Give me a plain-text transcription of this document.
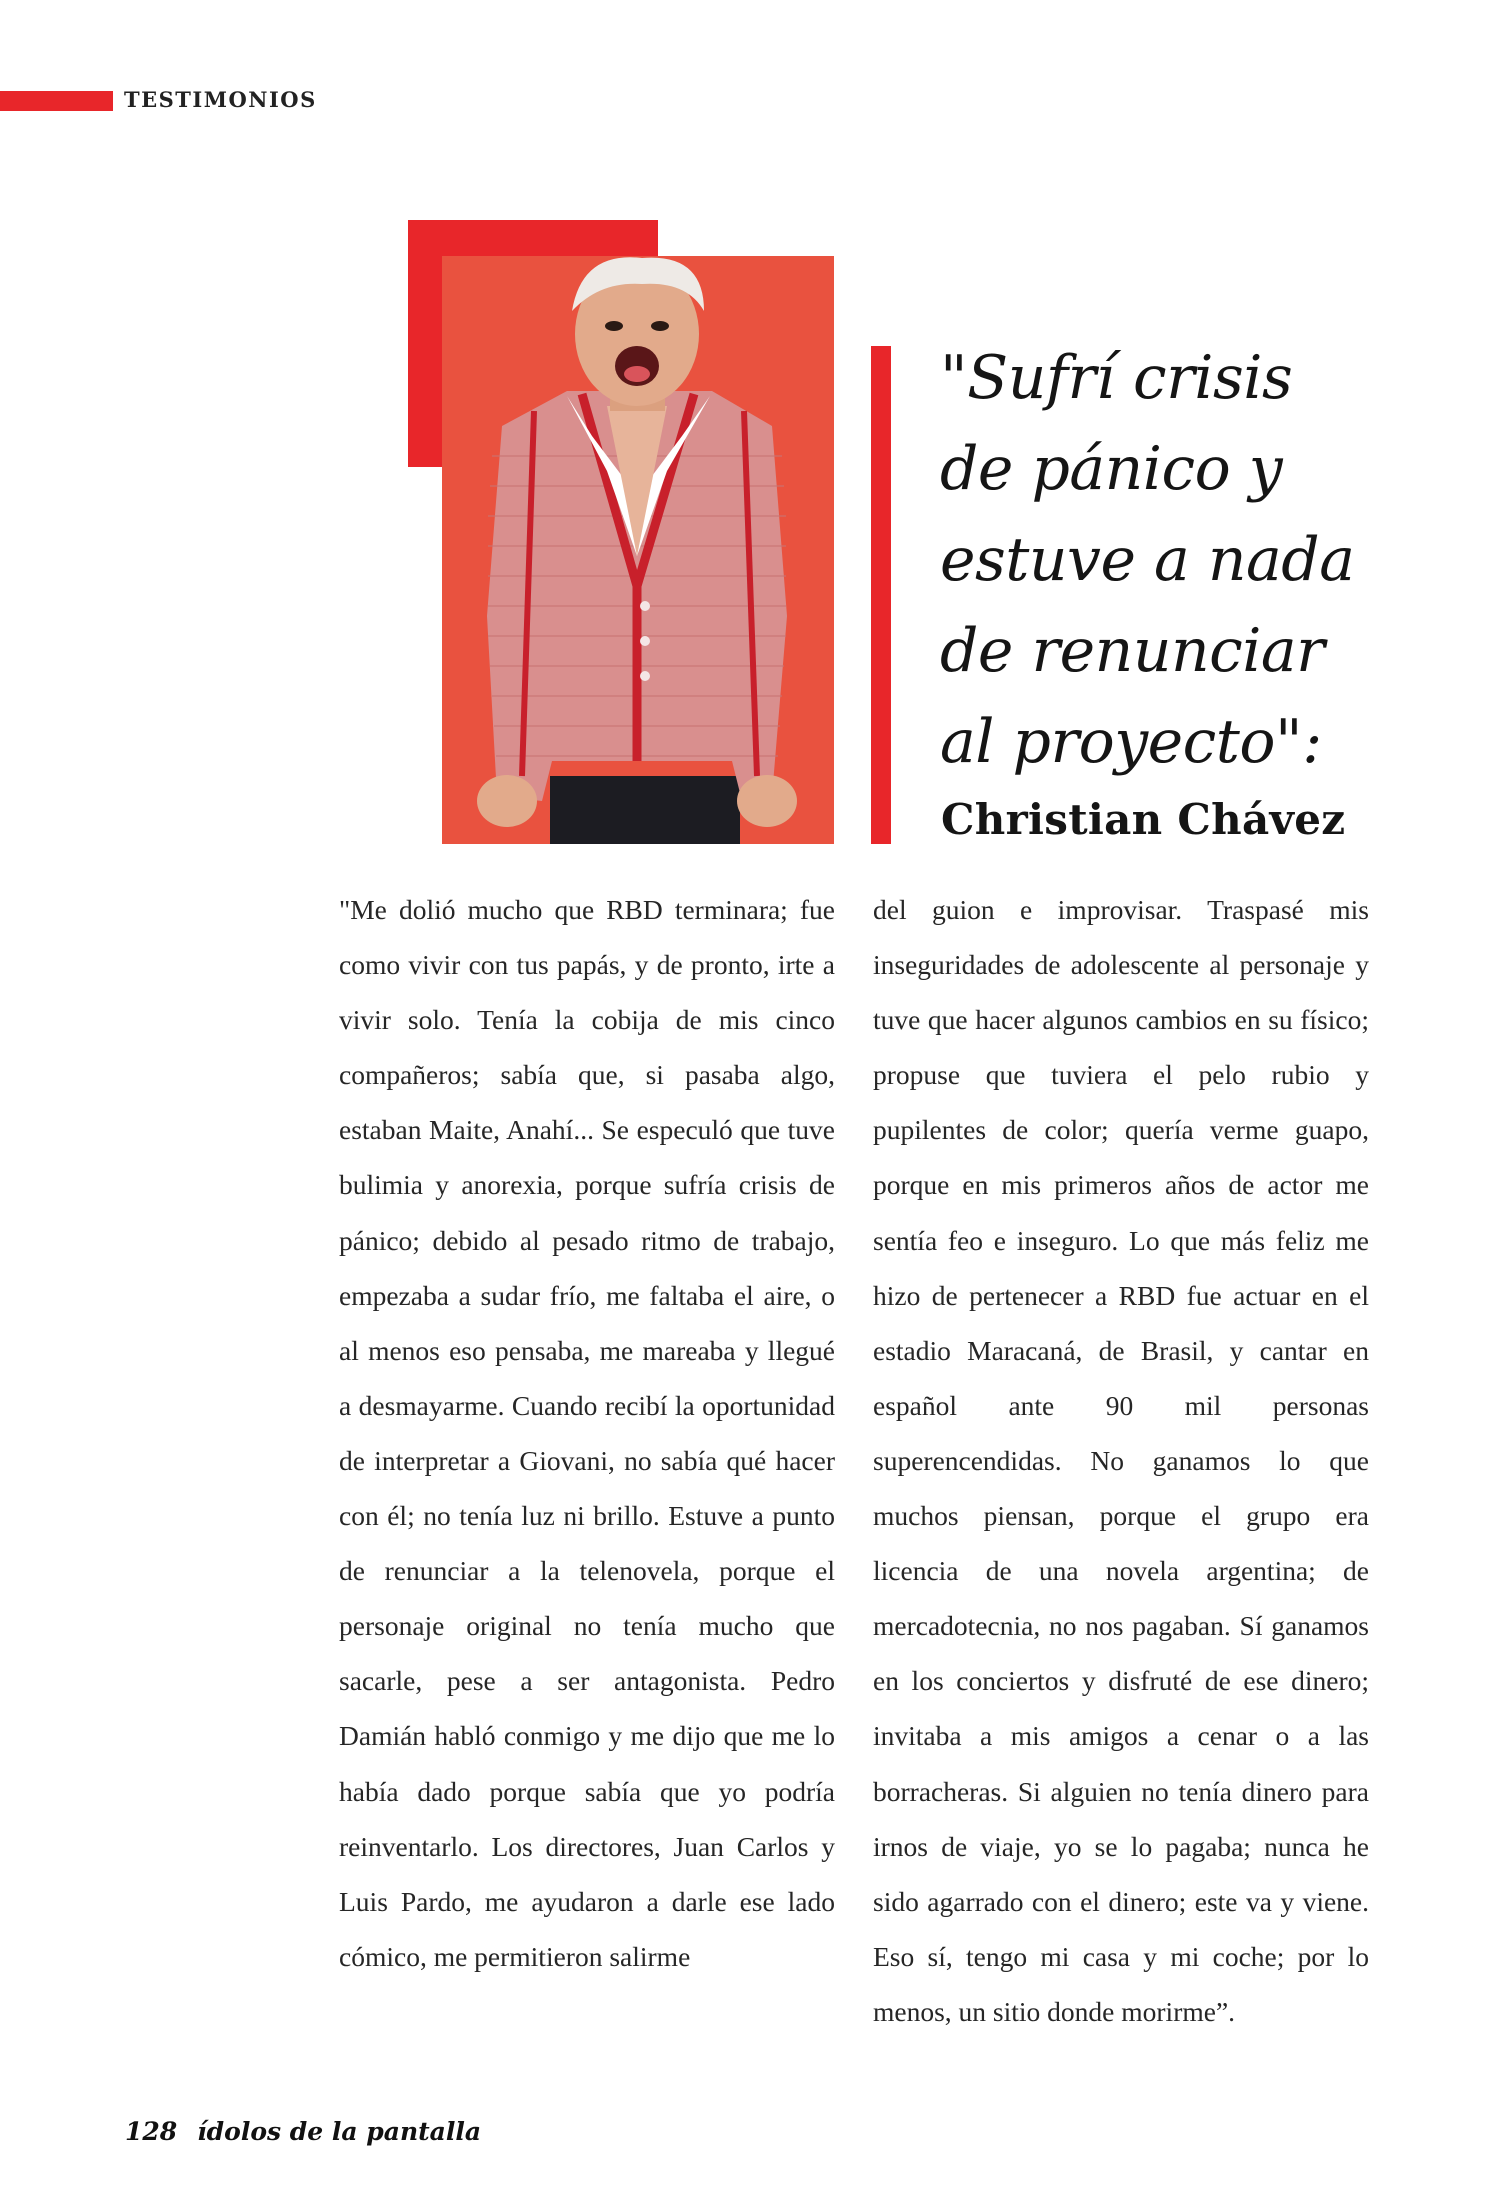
TESTIMONIOS
"Sufrí crisis de pánico y estuve a nada de renunciar al proyecto":
Christian Chávez

"Me dolió mucho que RBD terminara; fue como vivir con tus papás, y de pronto, irte a vivir solo. Tenía la cobija de mis cinco compañeros; sabía que, si pasaba algo, estaban Maite, Anahí... Se especuló que tuve bulimia y anorexia, porque sufría crisis de pánico; debido al pesado ritmo de trabajo, empezaba a sudar frío, me faltaba el aire, o al menos eso pensaba, me mareaba y llegué a desmayarme. Cuando recibí la oportunidad de interpretar a Giovani, no sabía qué hacer con él; no tenía luz ni brillo. Estuve a punto de renunciar a la telenovela, porque el personaje original no tenía mucho que sacarle, pese a ser antagonista. Pedro Damián habló conmigo y me dijo que me lo había dado porque sabía que yo podría reinventarlo. Los directores, Juan Carlos y Luis Pardo, me ayudaron a darle ese lado cómico, me permitieron salirme

del guion e improvisar. Traspasé mis inseguridades de adolescente al personaje y tuve que hacer algunos cambios en su físico; propuse que tuviera el pelo rubio y pupilentes de color; quería verme guapo, porque en mis primeros años de actor me sentía feo e inseguro. Lo que más feliz me hizo de pertenecer a RBD fue actuar en el estadio Maracaná, de Brasil, y cantar en español ante 90 mil personas superencendidas. No ganamos lo que muchos piensan, porque el grupo era licencia de una novela argentina; de mercadotecnia, no nos pagaban. Sí ganamos en los conciertos y disfruté de ese dinero; invitaba a mis amigos a cenar o a las borracheras. Si alguien no tenía dinero para irnos de viaje, yo se lo pagaba; nunca he sido agarrado con el dinero; este va y viene. Eso sí, tengo mi casa y mi coche; por lo menos, un sitio donde morirme”.

128 ídolos de la pantalla
